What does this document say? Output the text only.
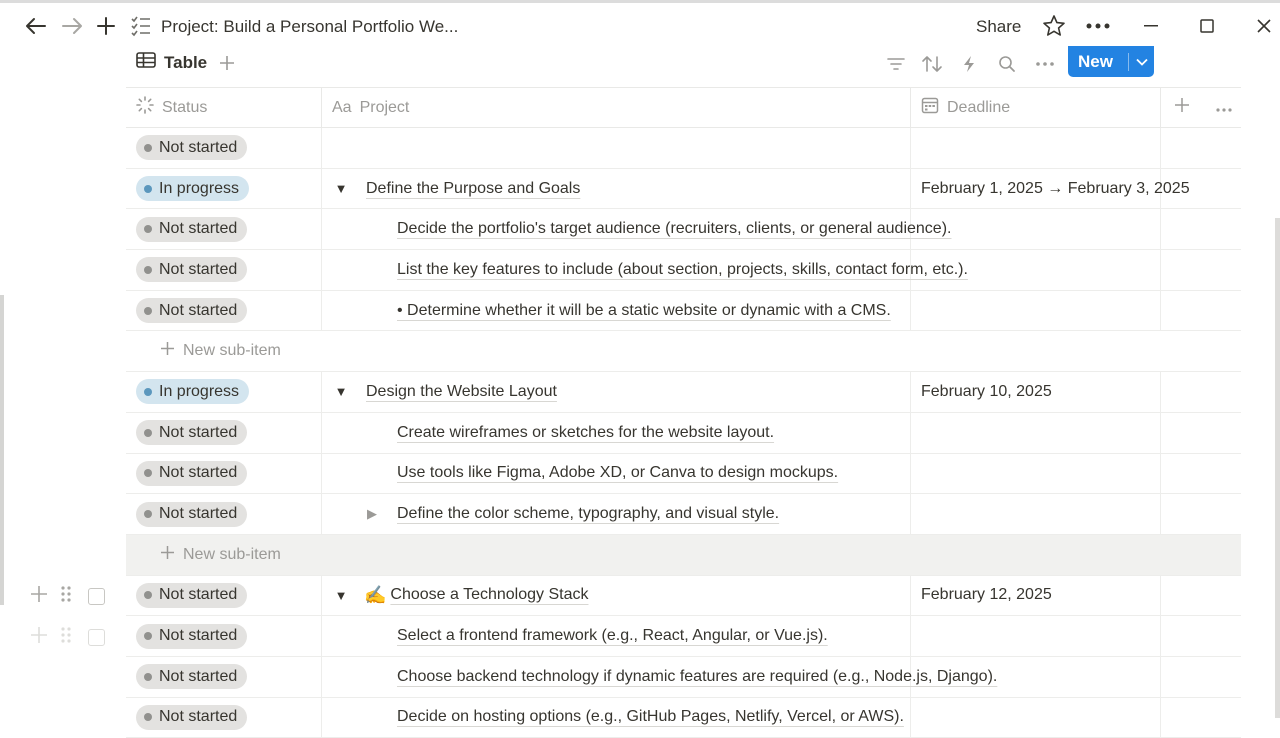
Project: Build a Personal Portfolio We...	Share
Table	New
Status	Aa Project	Deadline
Not started
In progress	▼	Define the Purpose and Goals	February 1, 2025 → February 3, 2025
Not started	Decide the portfolio's target audience (recruiters, clients, or general audience).
Not started	List the key features to include (about section, projects, skills, contact form, etc.).
Not started	• Determine whether it will be a static website or dynamic with a CMS.
New sub-item
In progress	▼	Design the Website Layout	February 10, 2025
Not started	Create wireframes or sketches for the website layout.
Not started	Use tools like Figma, Adobe XD, or Canva to design mockups.
Not started	▶	Define the color scheme, typography, and visual style.
New sub-item
Not started	▼ ✍️ Choose a Technology Stack	February 12, 2025
Not started	Select a frontend framework (e.g., React, Angular, or Vue.js).
Not started	Choose backend technology if dynamic features are required (e.g., Node.js, Django).
Not started	Decide on hosting options (e.g., GitHub Pages, Netlify, Vercel, or AWS).
